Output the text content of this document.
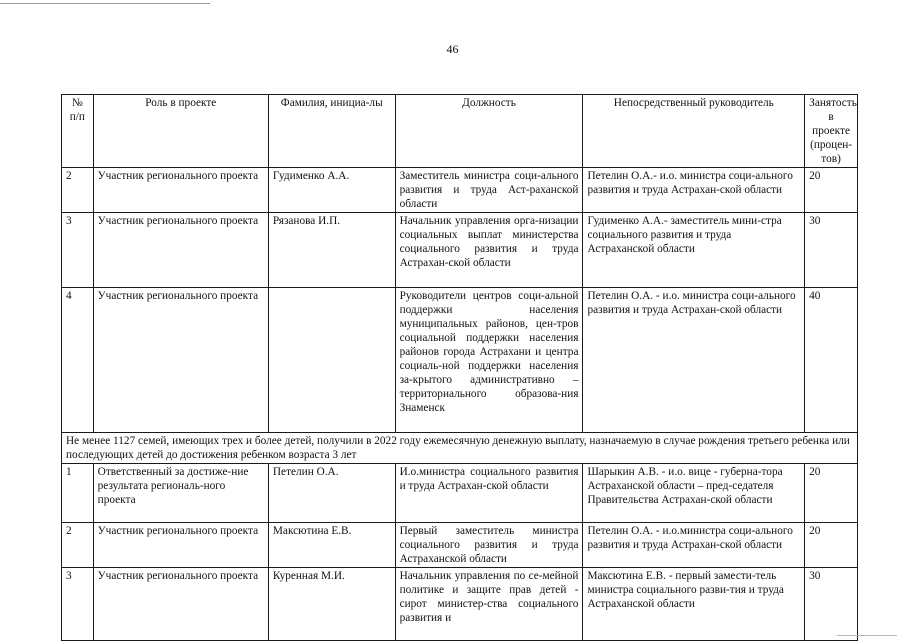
46
№ п/п	Роль в проекте	Фамилия, инициа-лы	Должность	Непосредственный руководитель	Занятость в проекте (процен-тов)
2	Участник регионального проекта	Гудименко А.А.	Заместитель министра соци-ального развития и труда Аст-раханской области	Петелин О.А.- и.о. министра соци-ального развития и труда Астрахан-ской области	20
3	Участник регионального проекта	Рязанова И.П.	Начальник управления орга-низации социальных выплат министерства социального развития и труда Астрахан-ской области	Гудименко А.А.- заместитель мини-стра социального развития и труда Астраханской области	30
4	Участник регионального проекта		Руководители центров соци-альной поддержки населения муниципальных районов, цен-тров социальной поддержки населения районов города Астрахани и центра социаль-ной поддержки населения за-крытого административно – территориального образова-ния Знаменск	Петелин О.А. - и.о. министра соци-ального развития и труда Астрахан-ской области	40
Не менее 1127 семей, имеющих трех и более детей, получили в 2022 году ежемесячную денежную выплату, назначаемую в случае рождения третьего ребенка или последующих детей до достижения ребенком возраста 3 лет					
1	Ответственный за достиже-ние результата региональ-ного проекта	Петелин О.А.	И.о.министра социального развития и труда Астрахан-ской области	Шарыкин А.В. - и.о. вице - губерна-тора Астраханской области – пред-седателя Правительства Астрахан-ской области	20
2	Участник регионального проекта	Максютина Е.В.	Первый заместитель министра социального развития и труда Астраханской области	Петелин О.А. - и.о.министра соци-ального развития и труда Астрахан-ской области	20
3	Участник регионального проекта	Куренная М.И.	Начальник управления по се-мейной политике и защите прав детей - сирот министер-ства социального развития и	Максютина Е.В. - первый замести-тель министра социального разви-тия и труда Астраханской области	30
